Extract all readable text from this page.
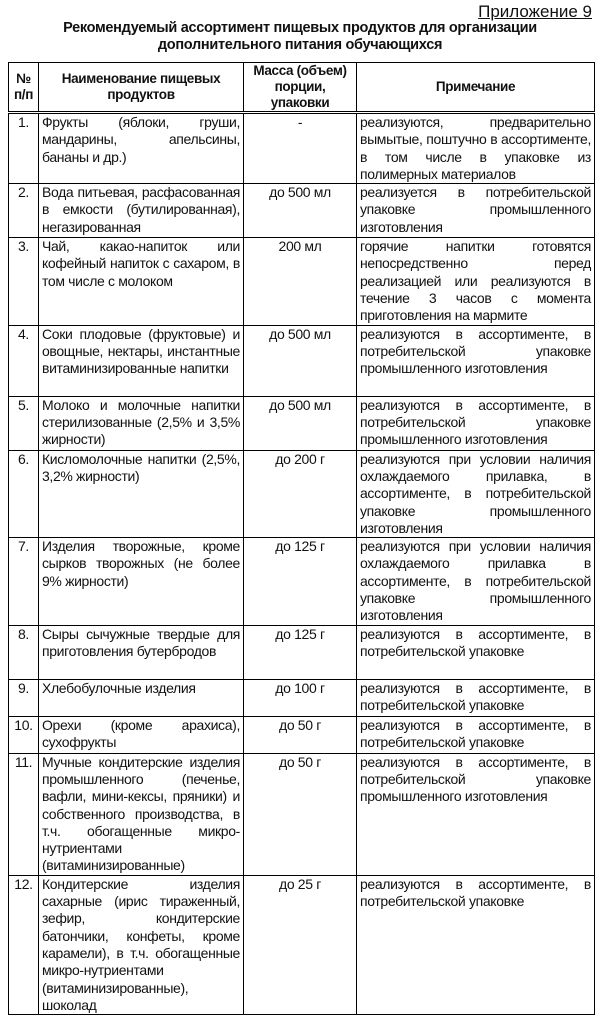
Приложение 9
Рекомендуемый ассортимент пищевых продуктов для организации
дополнительного питания обучающихся
№ п/п	Наименование пищевых продуктов	Масса (объем) порции, упаковки	Примечание
1.	Фрукты (яблоки, груши, мандарины, апельсины, бананы и др.)	-	реализуются, предварительно вымытые, поштучно в ассортименте, в том числе в упаковке из полимерных материалов
2.	Вода питьевая, расфасованная в емкости (бутилированная), негазированная	до 500 мл	реализуется в потребительской упаковке промышленного изготовления
3.	Чай, какао-напиток или кофейный напиток с сахаром, в том числе с молоком	200 мл	горячие напитки готовятся непосредственно перед реализацией или реализуются в течение 3 часов с момента приготовления на мармите
4.	Соки плодовые (фруктовые) и овощные, нектары, инстантные витаминизированные напитки	до 500 мл	реализуются в ассортименте, в потребительской упаковке промышленного изготовления
5.	Молоко и молочные напитки стерилизованные (2,5% и 3,5% жирности)	до 500 мл	реализуются в ассортименте, в потребительской упаковке промышленного изготовления
6.	Кисломолочные напитки (2,5%, 3,2% жирности)	до 200 г	реализуются при условии наличия охлаждаемого прилавка, в ассортименте, в потребительской упаковке промышленного изготовления
7.	Изделия творожные, кроме сырков творожных (не более 9% жирности)	до 125 г	реализуются при условии наличия охлаждаемого прилавка в ассортименте, в потребительской упаковке промышленного изготовления
8.	Сыры сычужные твердые для приготовления бутербродов	до 125 г	реализуются в ассортименте, в потребительской упаковке
9.	Хлебобулочные изделия	до 100 г	реализуются в ассортименте, в потребительской упаковке
10.	Орехи (кроме арахиса), сухофрукты	до 50 г	реализуются в ассортименте, в потребительской упаковке
11.	Мучные кондитерские изделия промышленного (печенье, вафли, мини-кексы, пряники) и собственного производства, в т.ч. обогащенные микро-нутриентами (витаминизированные)	до 50 г	реализуются в ассортименте, в потребительской упаковке промышленного изготовления
12.	Кондитерские изделия сахарные (ирис тираженный, зефир, кондитерские батончики, конфеты, кроме карамели), в т.ч. обогащенные микро-нутриентами (витаминизированные), шоколад	до 25 г	реализуются в ассортименте, в потребительской упаковке
